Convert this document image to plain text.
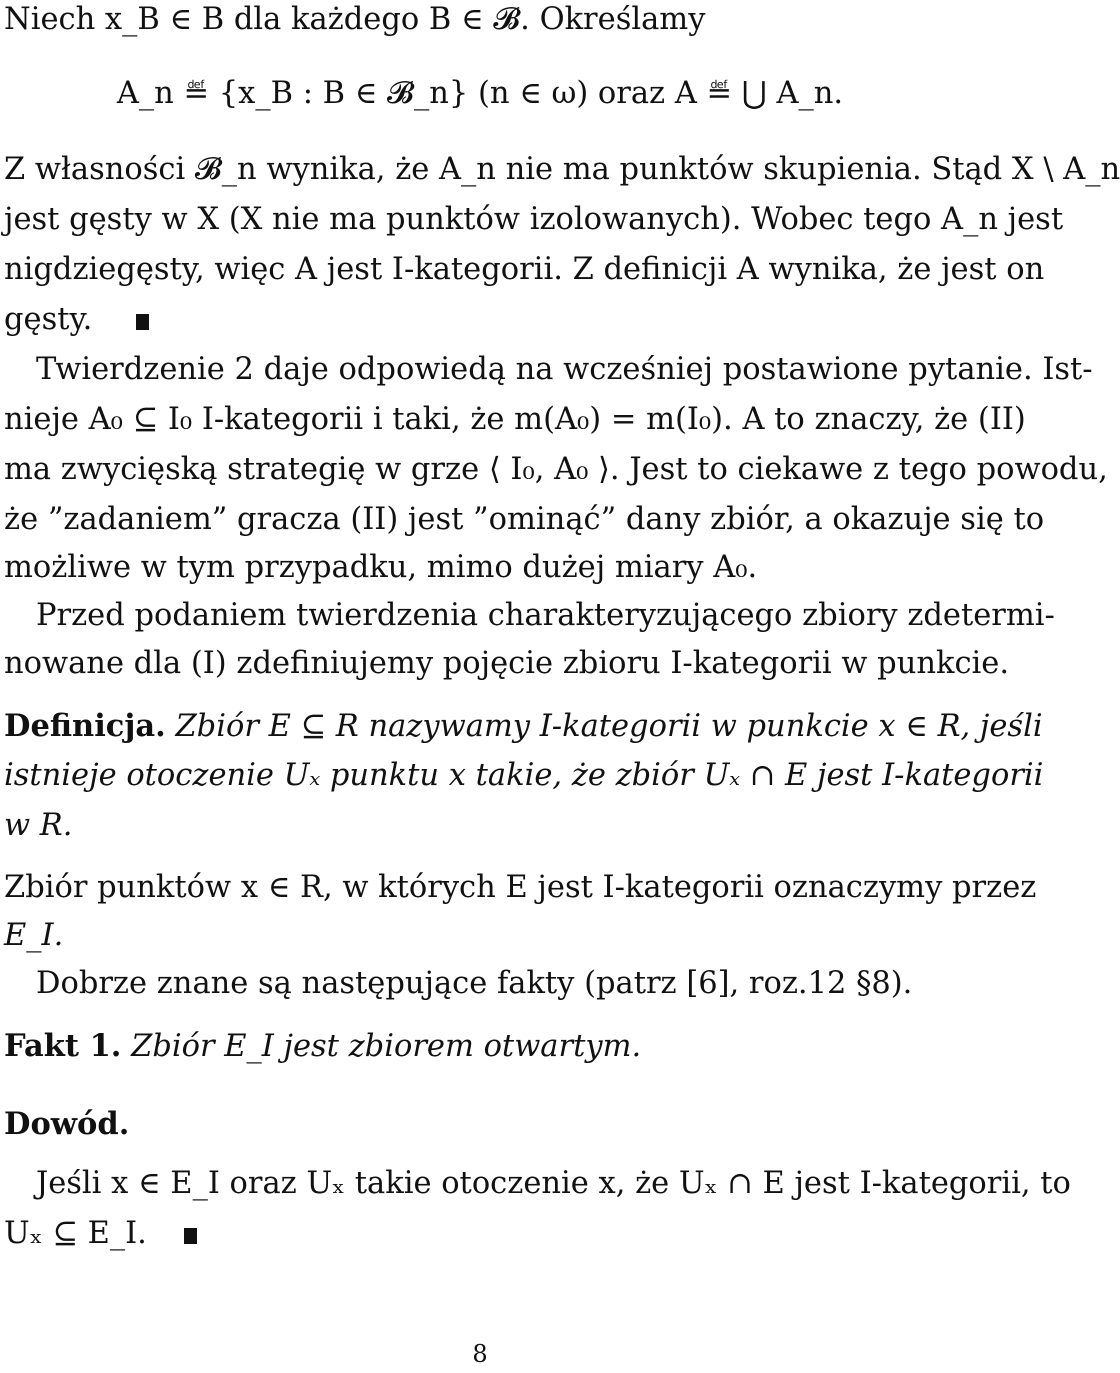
Niech x_B ∈ B dla każdego B ∈ 𝓑. Określamy
A_n ≝ {x_B : B ∈ 𝓑_n} (n ∈ ω) oraz A ≝ ⋃ A_n.
Z własności 𝓑_n wynika, że A_n nie ma punktów skupienia. Stąd X \ A_n
jest gęsty w X (X nie ma punktów izolowanych). Wobec tego A_n jest
nigdziegęsty, więc A jest I-kategorii. Z definicji A wynika, że jest on
gęsty.
Twierdzenie 2 daje odpowiedą na wcześniej postawione pytanie. Ist-
nieje A₀ ⊆ I₀ I-kategorii i taki, że m(A₀) = m(I₀). A to znaczy, że (II)
ma zwycięską strategię w grze ⟨ I₀, A₀ ⟩. Jest to ciekawe z tego powodu,
że ”zadaniem” gracza (II) jest ”ominąć” dany zbiór, a okazuje się to
możliwe w tym przypadku, mimo dużej miary A₀.
Przed podaniem twierdzenia charakteryzującego zbiory zdetermi-
nowane dla (I) zdefiniujemy pojęcie zbioru I-kategorii w punkcie.
Definicja. Zbiór E ⊆ R nazywamy I-kategorii w punkcie x ∈ R, jeśli
istnieje otoczenie Uₓ punktu x takie, że zbiór Uₓ ∩ E jest I-kategorii
w R.
Zbiór punktów x ∈ R, w których E jest I-kategorii oznaczymy przez
E_I.
Dobrze znane są następujące fakty (patrz [6], roz.12 §8).
Fakt 1. Zbiór E_I jest zbiorem otwartym.
Dowód.
Jeśli x ∈ E_I oraz Uₓ takie otoczenie x, że Uₓ ∩ E jest I-kategorii, to
Uₓ ⊆ E_I.
8
